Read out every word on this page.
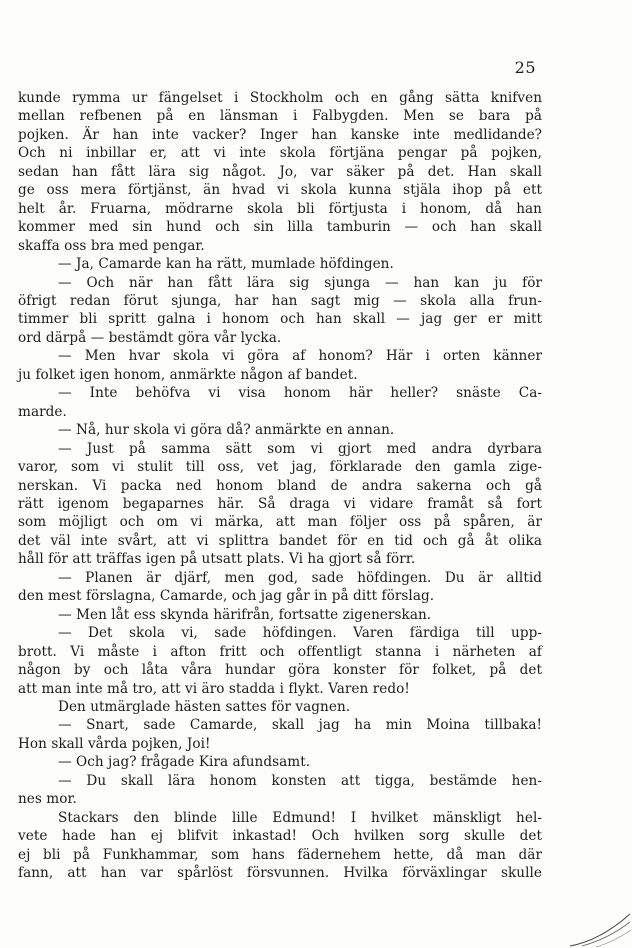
25
kunde rymma ur fängelset i Stockholm och en gång sätta knifven
mellan refbenen på en länsman i Falbygden. Men se bara på
pojken. Är han inte vacker? Inger han kanske inte medlidande?
Och ni inbillar er, att vi inte skola förtjäna pengar på pojken,
sedan han fått lära sig något. Jo, var säker på det. Han skall
ge oss mera förtjänst, än hvad vi skola kunna stjäla ihop på ett
helt år. Fruarna, mödrarne skola bli förtjusta i honom, då han
kommer med sin hund och sin lilla tamburin — och han skall
skaffa oss bra med pengar.
— Ja, Camarde kan ha rätt, mumlade höfdingen.
— Och när han fått lära sig sjunga — han kan ju för
öfrigt redan förut sjunga, har han sagt mig — skola alla frun-
timmer bli spritt galna i honom och han skall — jag ger er mitt
ord därpå — bestämdt göra vår lycka.
— Men hvar skola vi göra af honom? Här i orten känner
ju folket igen honom, anmärkte någon af bandet.
— Inte behöfva vi visa honom här heller? snäste Ca-
marde.
— Nå, hur skola vi göra då? anmärkte en annan.
— Just på samma sätt som vi gjort med andra dyrbara
varor, som vi stulit till oss, vet jag, förklarade den gamla zige-
nerskan. Vi packa ned honom bland de andra sakerna och gå
rätt igenom begaparnes här. Så draga vi vidare framåt så fort
som möjligt och om vi märka, att man följer oss på spåren, är
det väl inte svårt, att vi splittra bandet för en tid och gå åt olika
håll för att träffas igen på utsatt plats. Vi ha gjort så förr.
— Planen är djärf, men god, sade höfdingen. Du är alltid
den mest förslagna, Camarde, och jag går in på ditt förslag.
— Men låt ess skynda härifrån, fortsatte zigenerskan.
— Det skola vi, sade höfdingen. Varen färdiga till upp-
brott. Vi måste i afton fritt och offentligt stanna i närheten af
någon by och låta våra hundar göra konster för folket, på det
att man inte må tro, att vi äro stadda i flykt. Varen redo!
Den utmärglade hästen sattes för vagnen.
— Snart, sade Camarde, skall jag ha min Moina tillbaka!
Hon skall vårda pojken, Joi!
— Och jag? frågade Kira afundsamt.
— Du skall lära honom konsten att tigga, bestämde hen-
nes mor.
Stackars den blinde lille Edmund! I hvilket mänskligt hel-
vete hade han ej blifvit inkastad! Och hvilken sorg skulle det
ej bli på Funkhammar, som hans fädernehem hette, då man där
fann, att han var spårlöst försvunnen. Hvilka förväxlingar skulle
